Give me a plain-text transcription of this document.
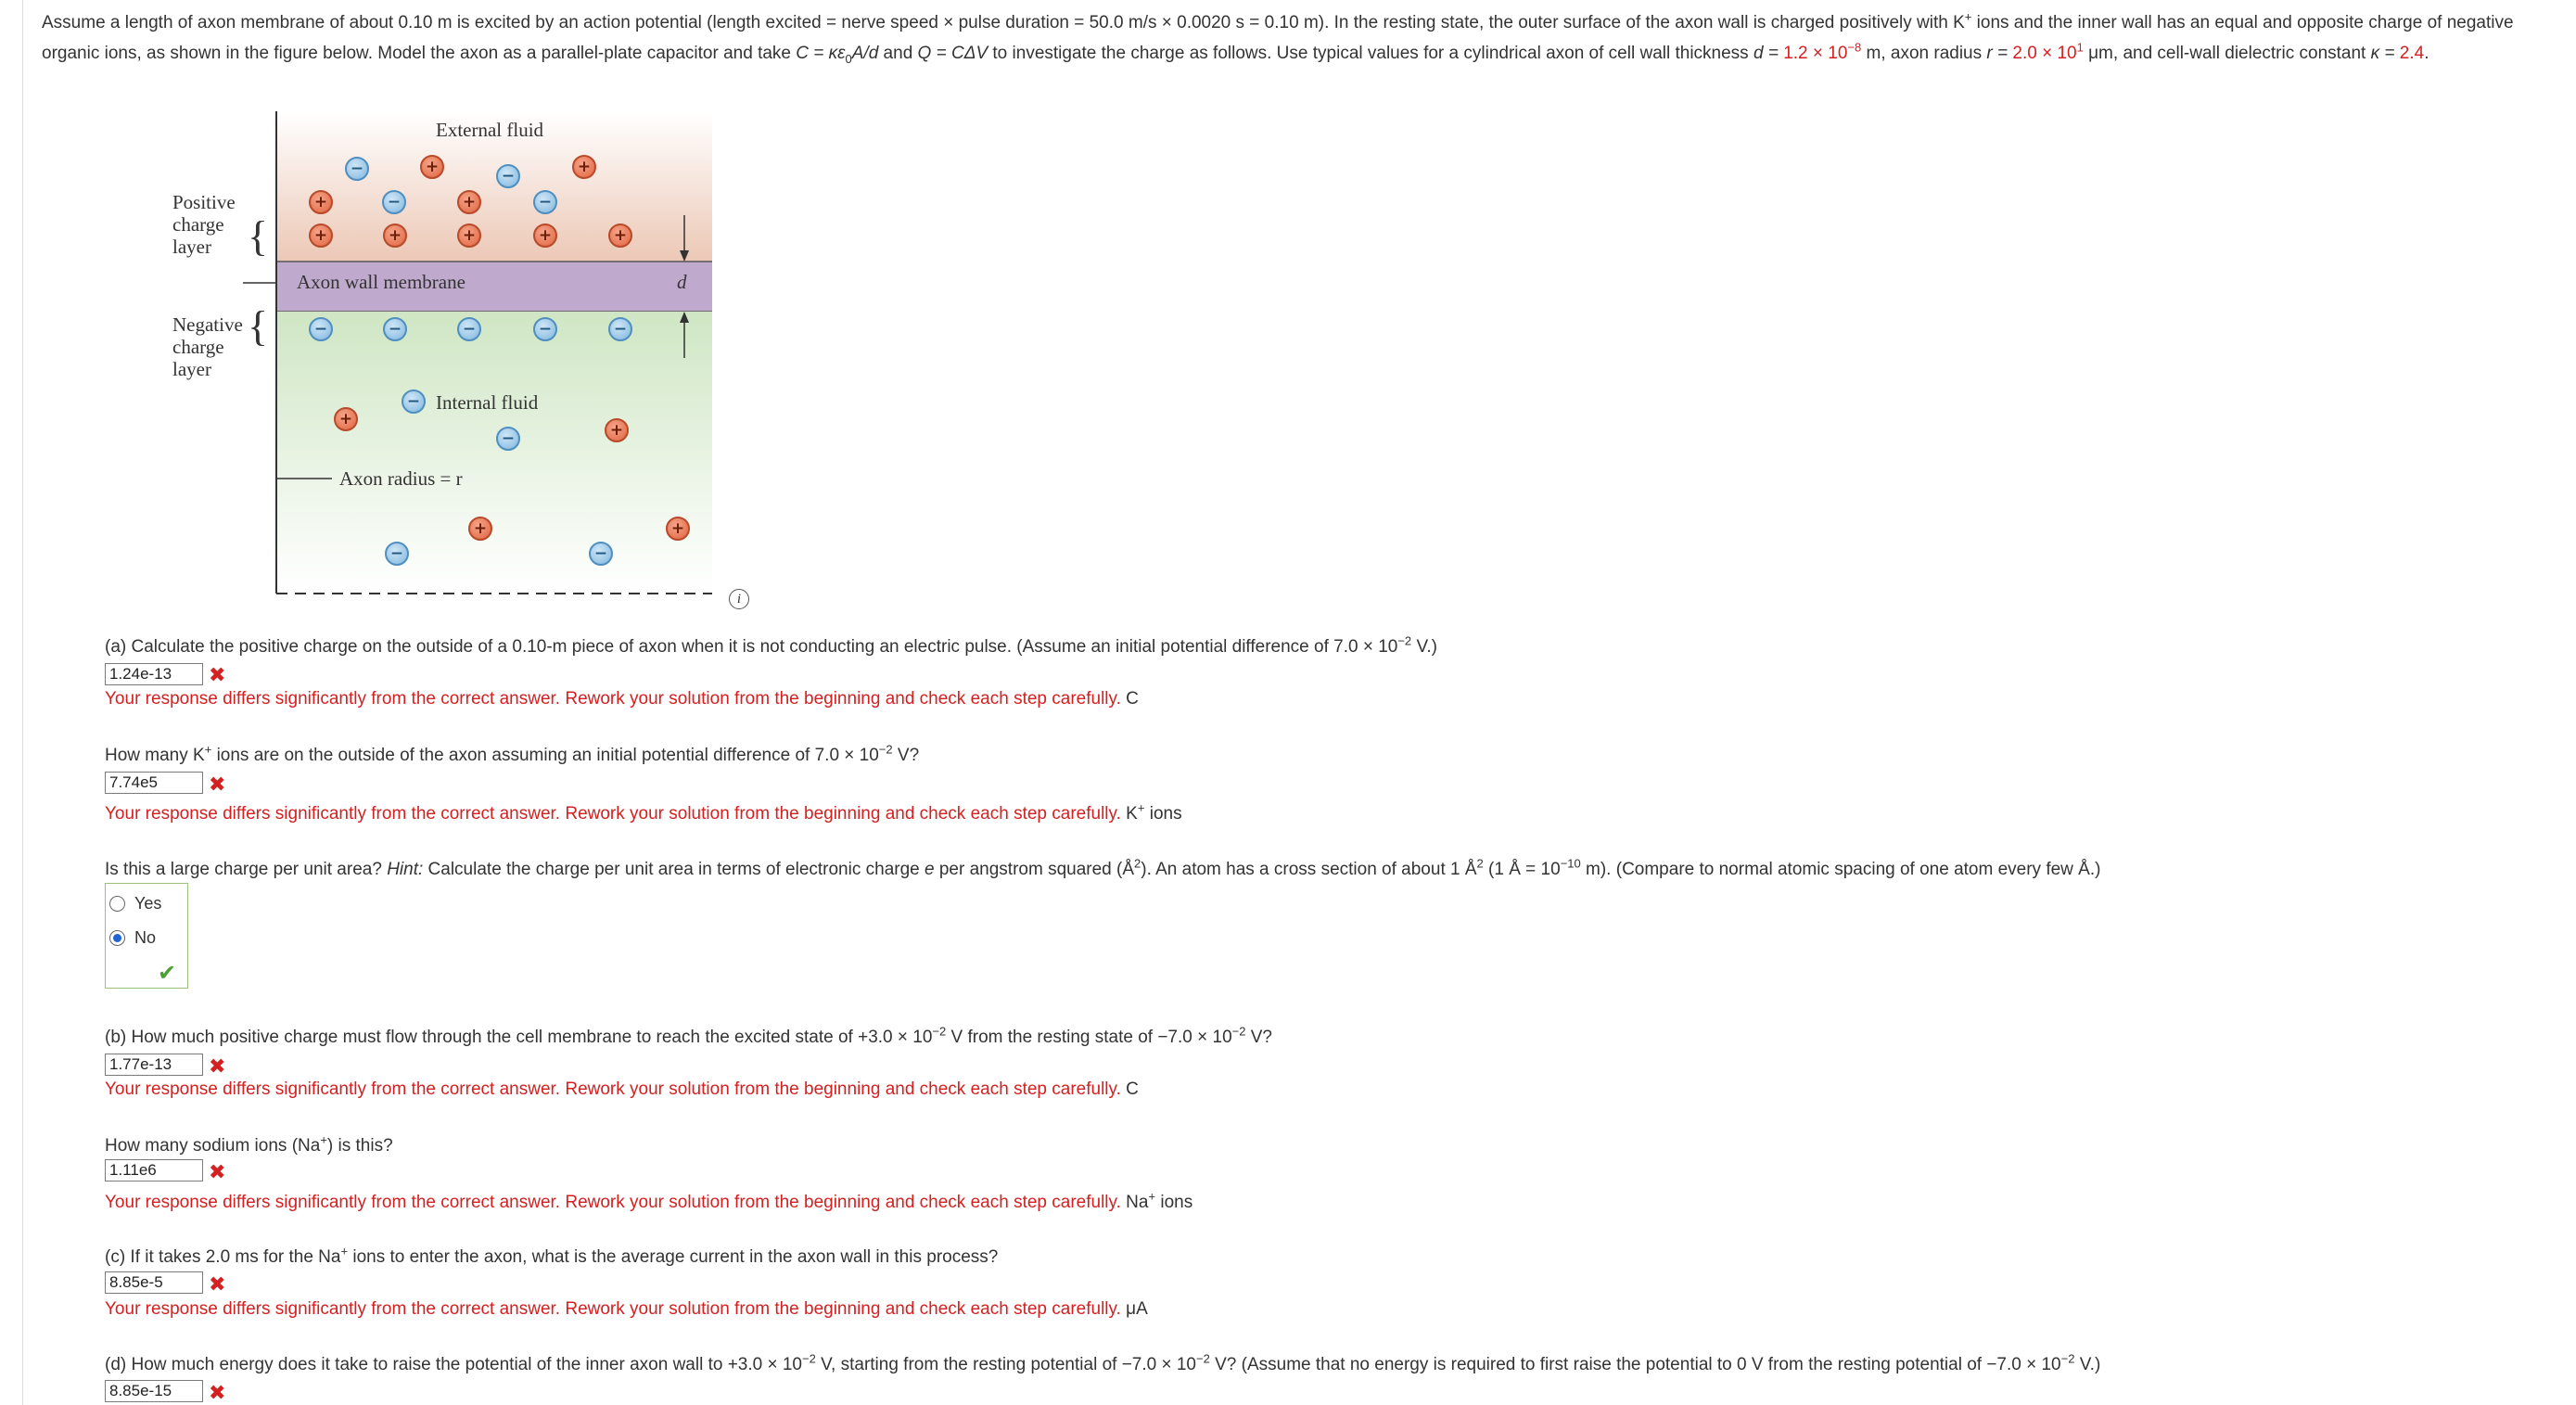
Assume a length of axon membrane of about 0.10 m is excited by an action potential (length excited = nerve speed × pulse duration = 50.0 m/s × 0.0020 s = 0.10 m). In the resting state, the outer surface of the axon wall is charged positively with K+ ions and the inner wall has an equal and opposite charge of negative organic ions, as shown in the figure below. Model the axon as a parallel-plate capacitor and take $C = \kappa\varepsilon_0A/d$ and Q = CΔV to investigate the charge as follows. Use typical values for a cylindrical axon of cell wall thickness $d = 1.2 \times 10^{-8}$ m, axon radius $r = 2.0 \times 10^1$ μm, and cell-wall dielectric constant κ = 2.4.
{
{
External fluid
Positive charge layer
Axon wall membrane	d
Negative charge layer
Internal fluid
Axon radius = r
−	+	−	+
+	−	+	−
+	+	+	+	+
−	−	−	−	−
−
+
+
−
+	+
−	−
i
(a) Calculate the positive charge on the outside of a 0.10-m piece of axon when it is not conducting an electric pulse. (Assume an initial potential difference of $7.0 \times 10^{-2}$ V.)
1.24e-13	✖
Your response differs significantly from the correct answer. Rework your solution from the beginning and check each step carefully. C
How many K+ ions are on the outside of the axon assuming an initial potential difference of $7.0 \times 10^{-2}$ V?
7.74e5	✖
Your response differs significantly from the correct answer. Rework your solution from the beginning and check each step carefully. K+ ions
Is this a large charge per unit area? Hint: Calculate the charge per unit area in terms of electronic charge e per angstrom squared $(Å^2)$. An atom has a cross section of about 1 $Å^2$ (1 Å = $10^{-10}$ m). (Compare to normal atomic spacing of one atom every few Å.)
Yes
No
✔
(b) How much positive charge must flow through the cell membrane to reach the excited state of $+3.0 \times 10^{-2}$ V from the resting state of $-7.0 \times 10^{-2}$ V?
1.77e-13	✖
Your response differs significantly from the correct answer. Rework your solution from the beginning and check each step carefully. C
How many sodium ions (Na+) is this?
1.11e6	✖
Your response differs significantly from the correct answer. Rework your solution from the beginning and check each step carefully. Na+ ions
(c) If it takes 2.0 ms for the Na+ ions to enter the axon, what is the average current in the axon wall in this process?
8.85e-5	✖
Your response differs significantly from the correct answer. Rework your solution from the beginning and check each step carefully. μA
(d) How much energy does it take to raise the potential of the inner axon wall to $+3.0 \times 10^{-2}$ V, starting from the resting potential of $-7.0 \times 10^{-2}$ V? (Assume that no energy is required to first raise the potential to 0 V from the resting potential of $-7.0 \times 10^{-2}$ V.)
8.85e-15	✖
